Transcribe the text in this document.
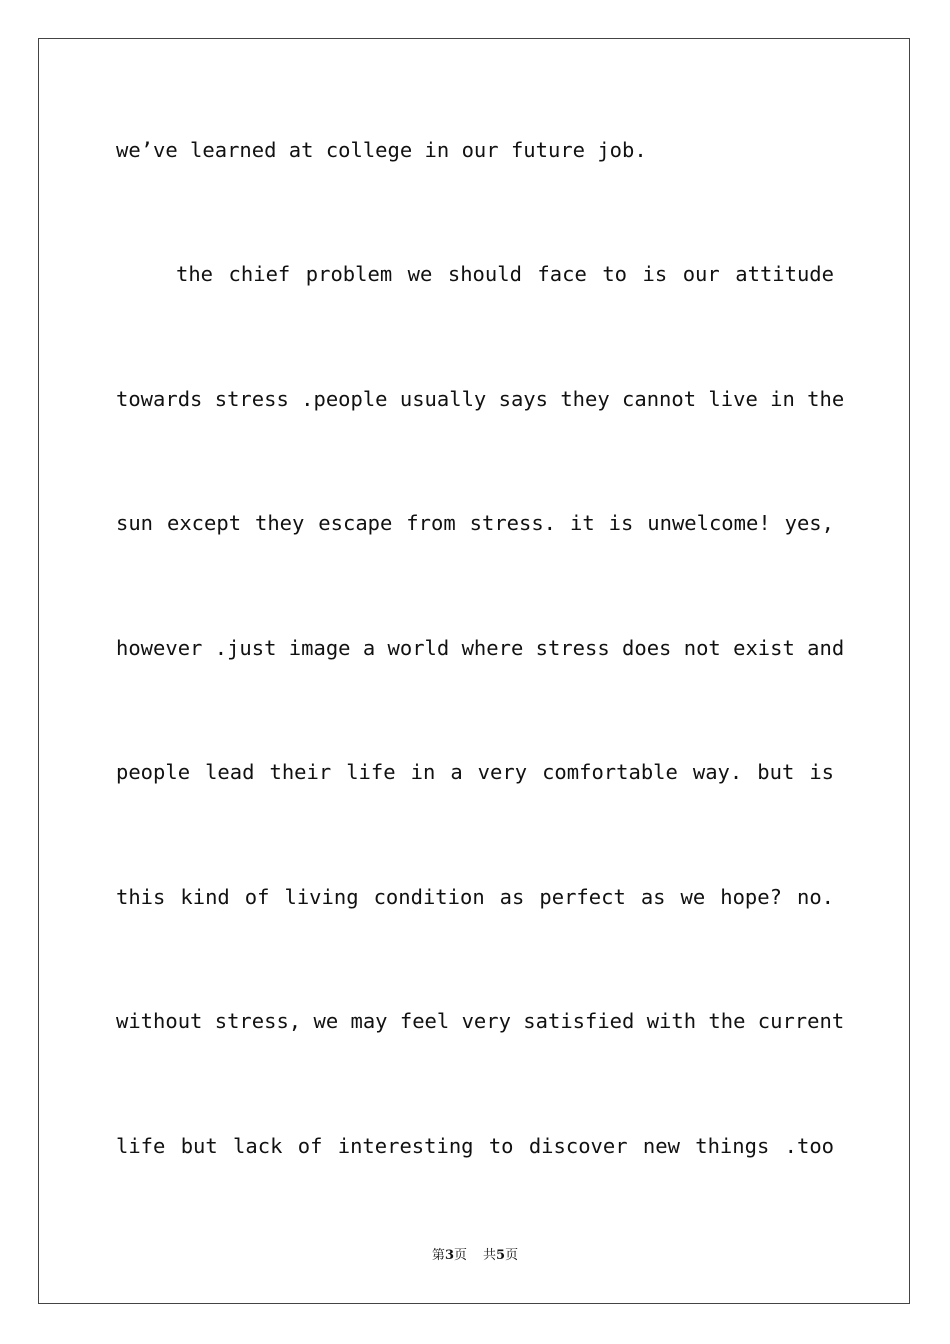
we’ve learned at college in our future job.
the chief problem we should face to is our attitude
towards stress .people usually says they cannot live in the
sun except they escape from stress. it is unwelcome! yes,
however .just image a world where stress does not exist and
people lead their life in a very comfortable way. but is
this kind of living condition as perfect as we hope? no.
without stress, we may feel very satisfied with the current
life but lack of interesting to discover new things .too
第3页 共5页
